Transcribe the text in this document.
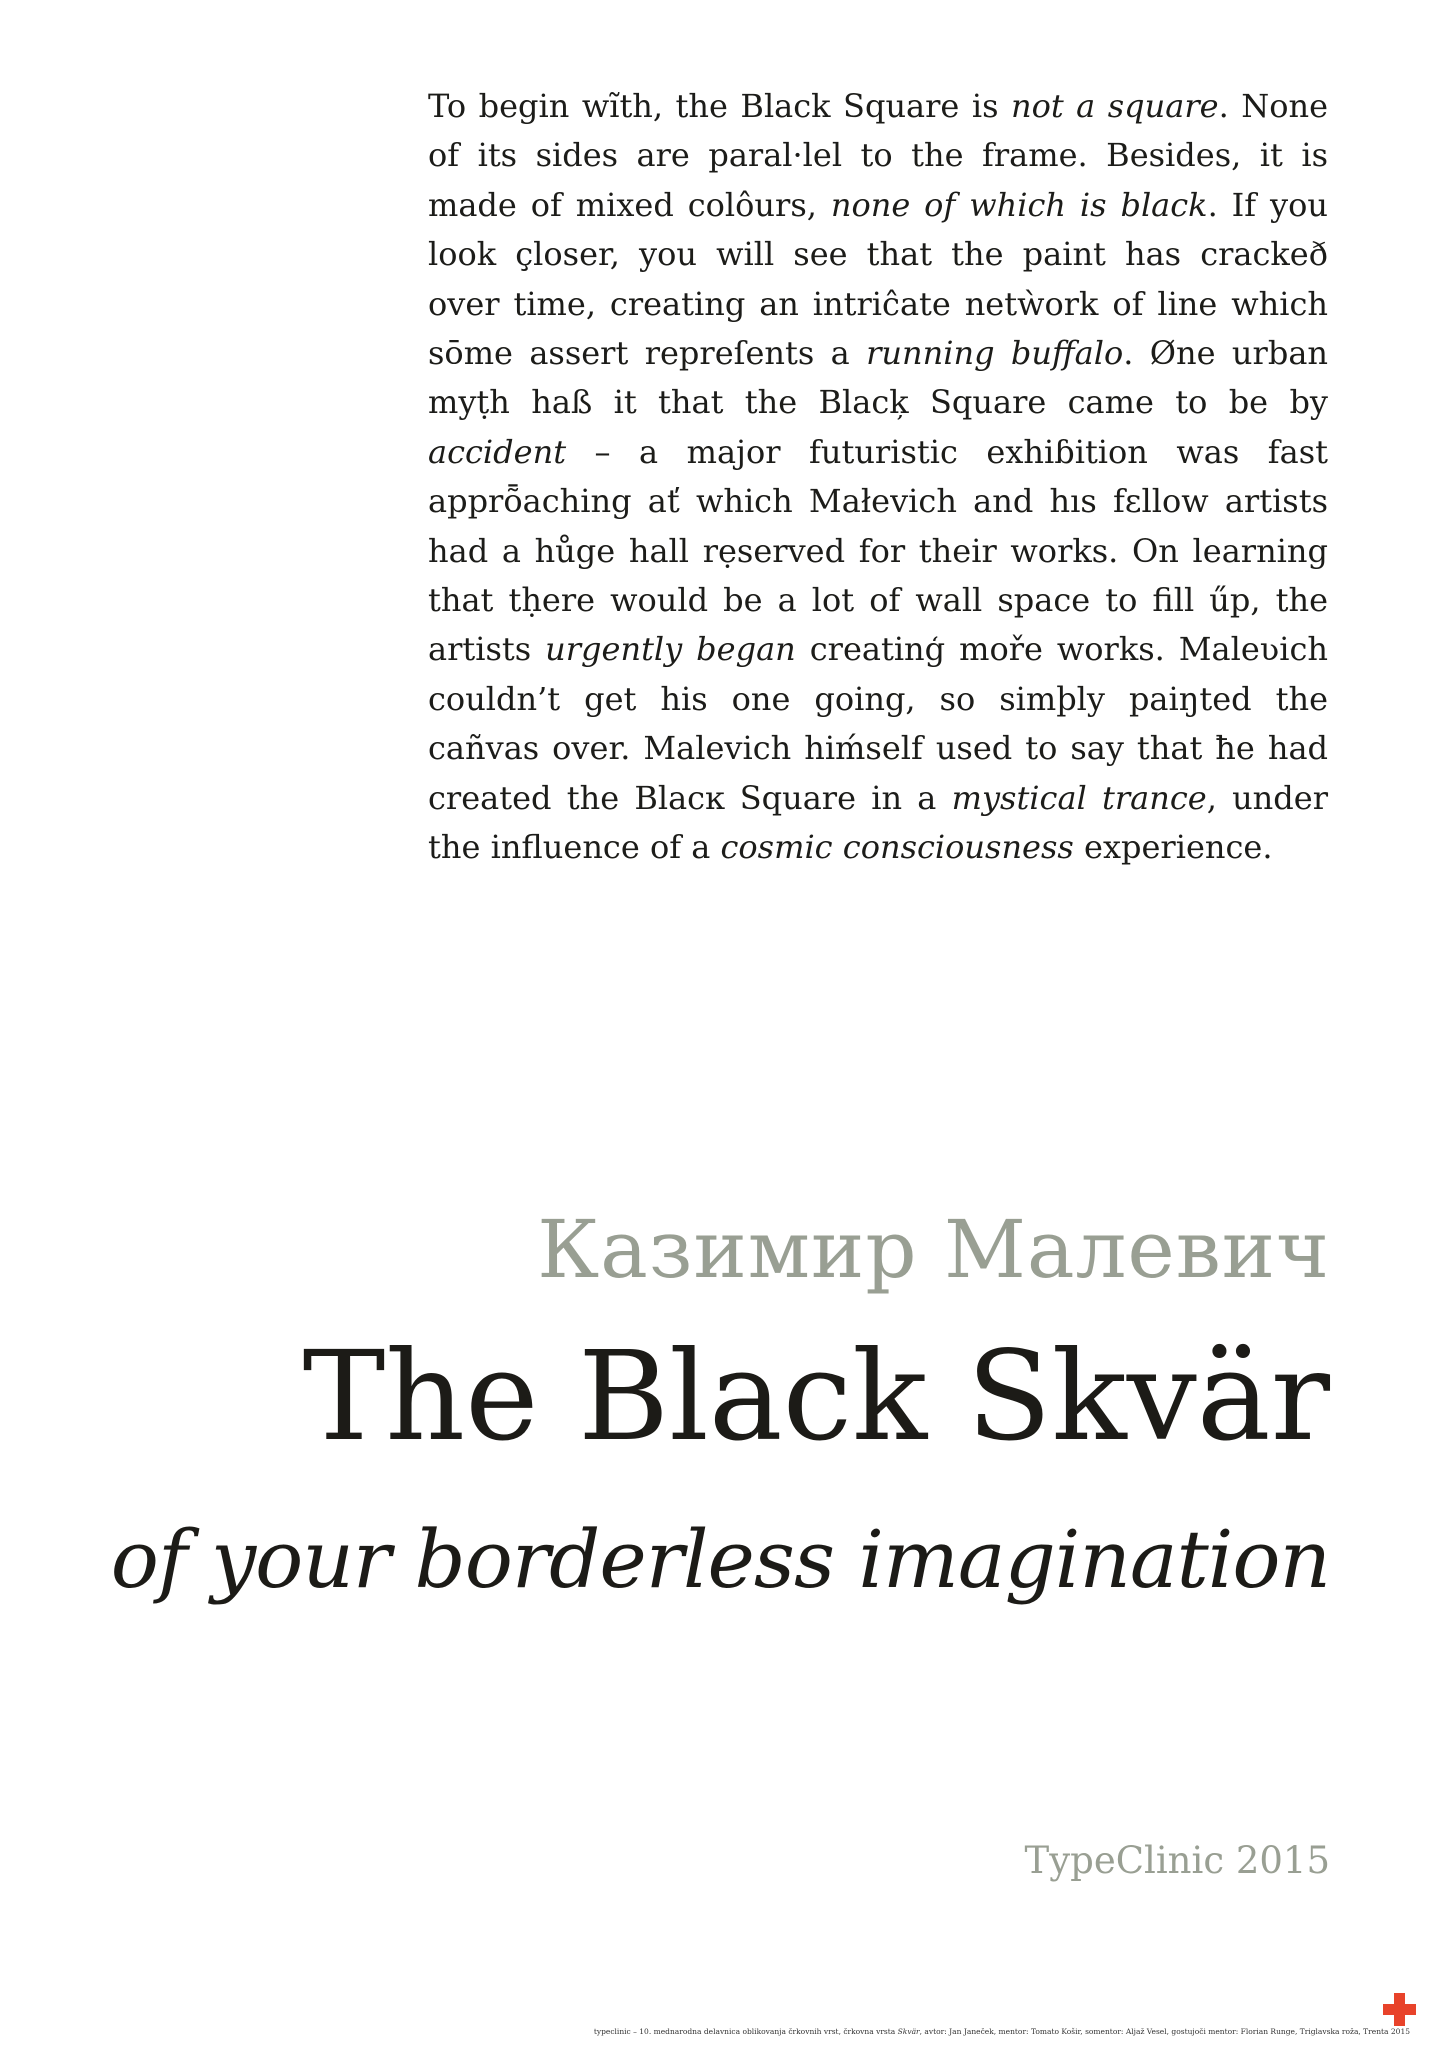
To begin wĩth, the Black Square is not a square. None of its sides are paral·lel to the frame. Besides, it is made of mixed colôurs, none of which is black. If you look çloser, you will see that the paint has crackeð over time, creating an intriĉate netẁork of line which sōme assert repreſents a running buffalo. Øne urban myṭh haß it that the Blacķ Square came to be by accident – a major futuristic exhiɓition was fast apprȭaching ať which Małevich and hıs fɛllow artists had a hůge hall rẹserved for their works. On learning that tḥere would be a lot of wall space to fill űp, the artists urgently began creatinģ moře works. Maleʋich couldn’t get his one going, so simþly paiŋted the cañvas over. Malevich hiḿself used to say that ħe had created the Blacĸ Square in a mystical trance, under the influence of a cosmic consciousness experience.
Казимир Малевич
The Black Skvär
of your borderless imagination
TypeClinic 2015
typeclinic – 10. mednarodna delavnica oblikovanja črkovnih vrst, črkovna vrsta Skvär, avtor: Jan Janeček, mentor: Tomato Košir, somentor: Aljaž Vesel, gostujoči mentor: Florian Runge, Triglavska roža, Trenta 2015
